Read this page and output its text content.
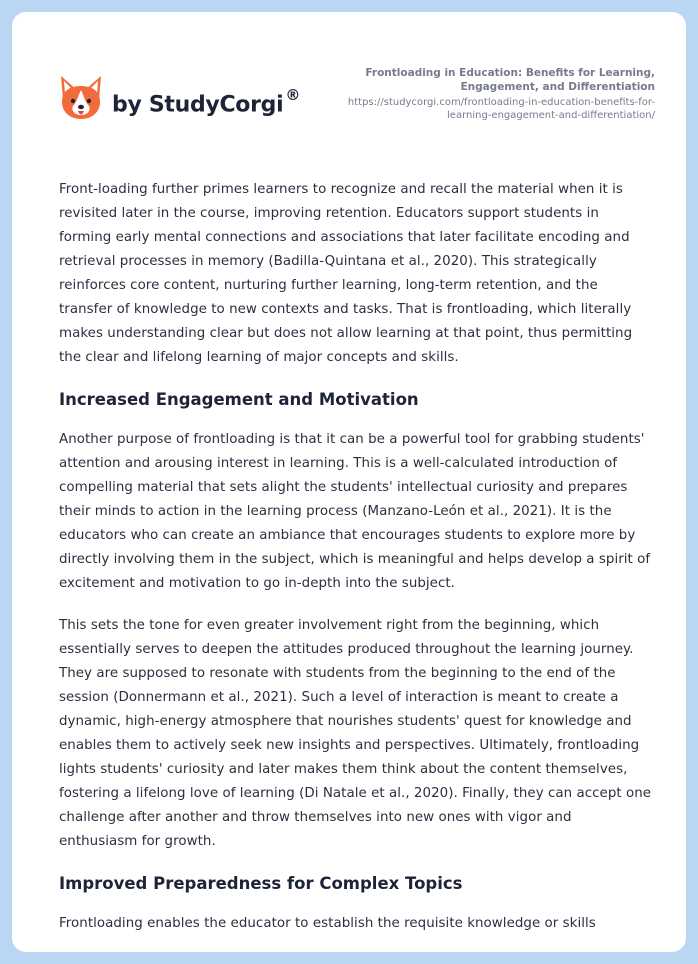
by StudyCorgi ®
Frontloading in Education: Benefits for Learning, Engagement, and Differentiation
https://studycorgi.com/frontloading-in-education-benefits-for-learning-engagement-and-differentiation/

Front-loading further primes learners to recognize and recall the material when it is revisited later in the course, improving retention. Educators support students in forming early mental connections and associations that later facilitate encoding and retrieval processes in memory (Badilla-Quintana et al., 2020). This strategically reinforces core content, nurturing further learning, long-term retention, and the transfer of knowledge to new contexts and tasks. That is frontloading, which literally makes understanding clear but does not allow learning at that point, thus permitting the clear and lifelong learning of major concepts and skills.

Increased Engagement and Motivation

Another purpose of frontloading is that it can be a powerful tool for grabbing students' attention and arousing interest in learning. This is a well-calculated introduction of compelling material that sets alight the students' intellectual curiosity and prepares their minds to action in the learning process (Manzano-León et al., 2021). It is the educators who can create an ambiance that encourages students to explore more by directly involving them in the subject, which is meaningful and helps develop a spirit of excitement and motivation to go in-depth into the subject.

This sets the tone for even greater involvement right from the beginning, which essentially serves to deepen the attitudes produced throughout the learning journey. They are supposed to resonate with students from the beginning to the end of the session (Donnermann et al., 2021). Such a level of interaction is meant to create a dynamic, high-energy atmosphere that nourishes students' quest for knowledge and enables them to actively seek new insights and perspectives. Ultimately, frontloading lights students' curiosity and later makes them think about the content themselves, fostering a lifelong love of learning (Di Natale et al., 2020). Finally, they can accept one challenge after another and throw themselves into new ones with vigor and enthusiasm for growth.

Improved Preparedness for Complex Topics

Frontloading enables the educator to establish the requisite knowledge or skills
